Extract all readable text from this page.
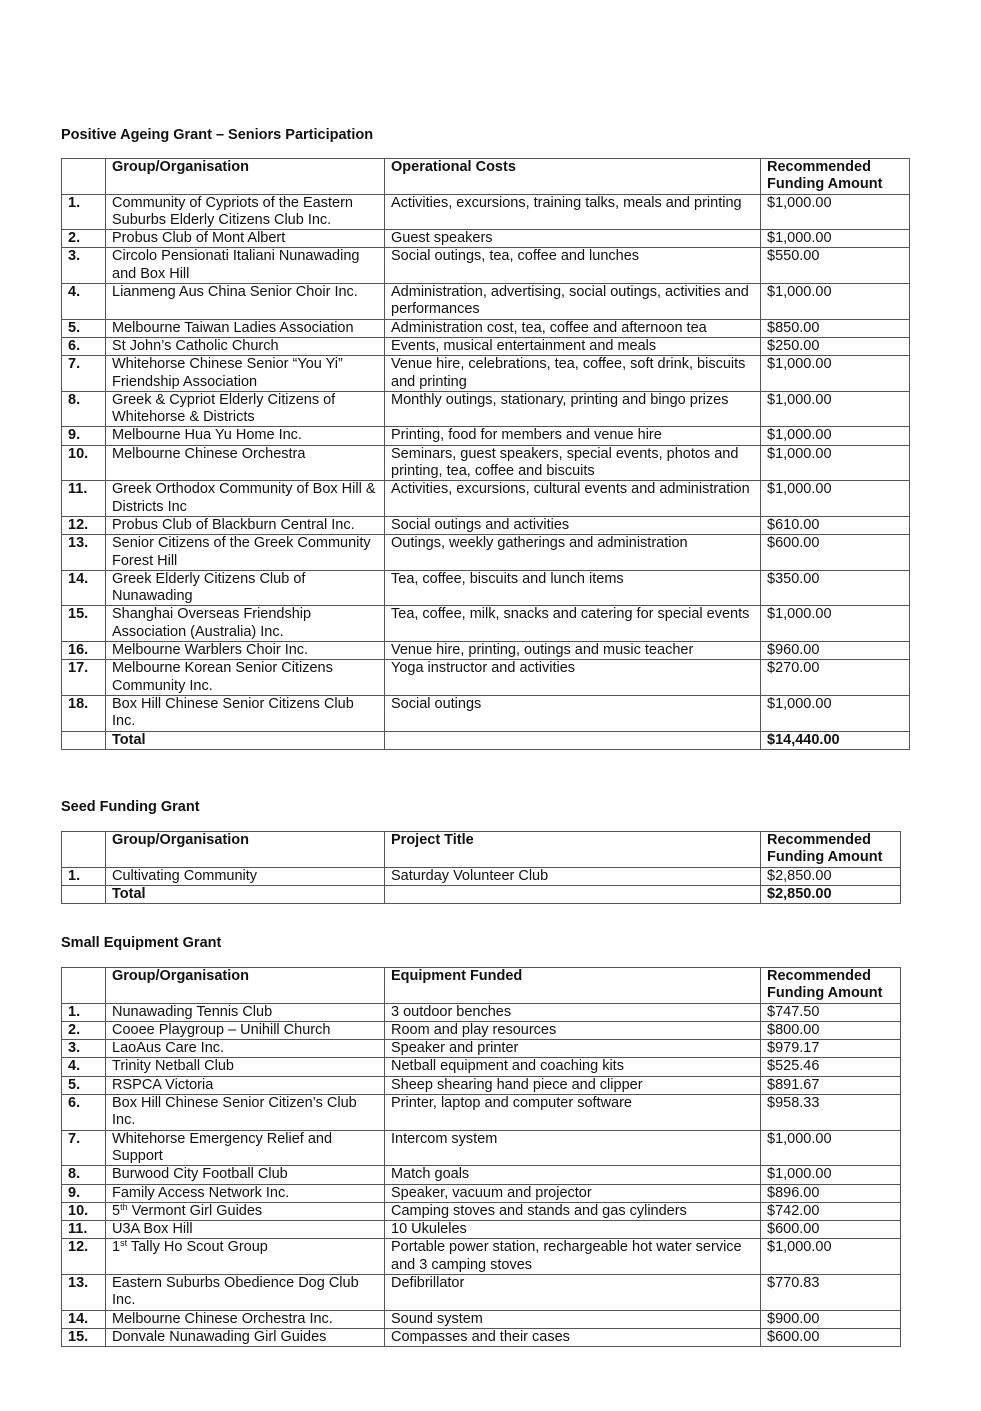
Positive Ageing Grant – Seniors Participation
	Group/Organisation	Operational Costs	Recommended Funding Amount
1.	Community of Cypriots of the Eastern Suburbs Elderly Citizens Club Inc.	Activities, excursions, training talks, meals and printing	$1,000.00
2.	Probus Club of Mont Albert	Guest speakers	$1,000.00
3.	Circolo Pensionati Italiani Nunawading and Box Hill	Social outings, tea, coffee and lunches	$550.00
4.	Lianmeng Aus China Senior Choir Inc.	Administration, advertising, social outings, activities and performances	$1,000.00
5.	Melbourne Taiwan Ladies Association	Administration cost, tea, coffee and afternoon tea	$850.00
6.	St John’s Catholic Church	Events, musical entertainment and meals	$250.00
7.	Whitehorse Chinese Senior “You Yi” Friendship Association	Venue hire, celebrations, tea, coffee, soft drink, biscuits and printing	$1,000.00
8.	Greek & Cypriot Elderly Citizens of Whitehorse & Districts	Monthly outings, stationary, printing and bingo prizes	$1,000.00
9.	Melbourne Hua Yu Home Inc.	Printing, food for members and venue hire	$1,000.00
10.	Melbourne Chinese Orchestra	Seminars, guest speakers, special events, photos and printing, tea, coffee and biscuits	$1,000.00
11.	Greek Orthodox Community of Box Hill & Districts Inc	Activities, excursions, cultural events and administration	$1,000.00
12.	Probus Club of Blackburn Central Inc.	Social outings and activities	$610.00
13.	Senior Citizens of the Greek Community Forest Hill	Outings, weekly gatherings and administration	$600.00
14.	Greek Elderly Citizens Club of Nunawading	Tea, coffee, biscuits and lunch items	$350.00
15.	Shanghai Overseas Friendship Association (Australia) Inc.	Tea, coffee, milk, snacks and catering for special events	$1,000.00
16.	Melbourne Warblers Choir Inc.	Venue hire, printing, outings and music teacher	$960.00
17.	Melbourne Korean Senior Citizens Community Inc.	Yoga instructor and activities	$270.00
18.	Box Hill Chinese Senior Citizens Club Inc.	Social outings	$1,000.00
	Total		$14,440.00
Seed Funding Grant
	Group/Organisation	Project Title	Recommended Funding Amount
1.	Cultivating Community	Saturday Volunteer Club	$2,850.00
	Total		$2,850.00
Small Equipment Grant
	Group/Organisation	Equipment Funded	Recommended Funding Amount
1.	Nunawading Tennis Club	3 outdoor benches	$747.50
2.	Cooee Playgroup – Unihill Church	Room and play resources	$800.00
3.	LaoAus Care Inc.	Speaker and printer	$979.17
4.	Trinity Netball Club	Netball equipment and coaching kits	$525.46
5.	RSPCA Victoria	Sheep shearing hand piece and clipper	$891.67
6.	Box Hill Chinese Senior Citizen’s Club Inc.	Printer, laptop and computer software	$958.33
7.	Whitehorse Emergency Relief and Support	Intercom system	$1,000.00
8.	Burwood City Football Club	Match goals	$1,000.00
9.	Family Access Network Inc.	Speaker, vacuum and projector	$896.00
10.	5th Vermont Girl Guides	Camping stoves and stands and gas cylinders	$742.00
11.	U3A Box Hill	10 Ukuleles	$600.00
12.	1st Tally Ho Scout Group	Portable power station, rechargeable hot water service and 3 camping stoves	$1,000.00
13.	Eastern Suburbs Obedience Dog Club Inc.	Defibrillator	$770.83
14.	Melbourne Chinese Orchestra Inc.	Sound system	$900.00
15.	Donvale Nunawading Girl Guides	Compasses and their cases	$600.00
